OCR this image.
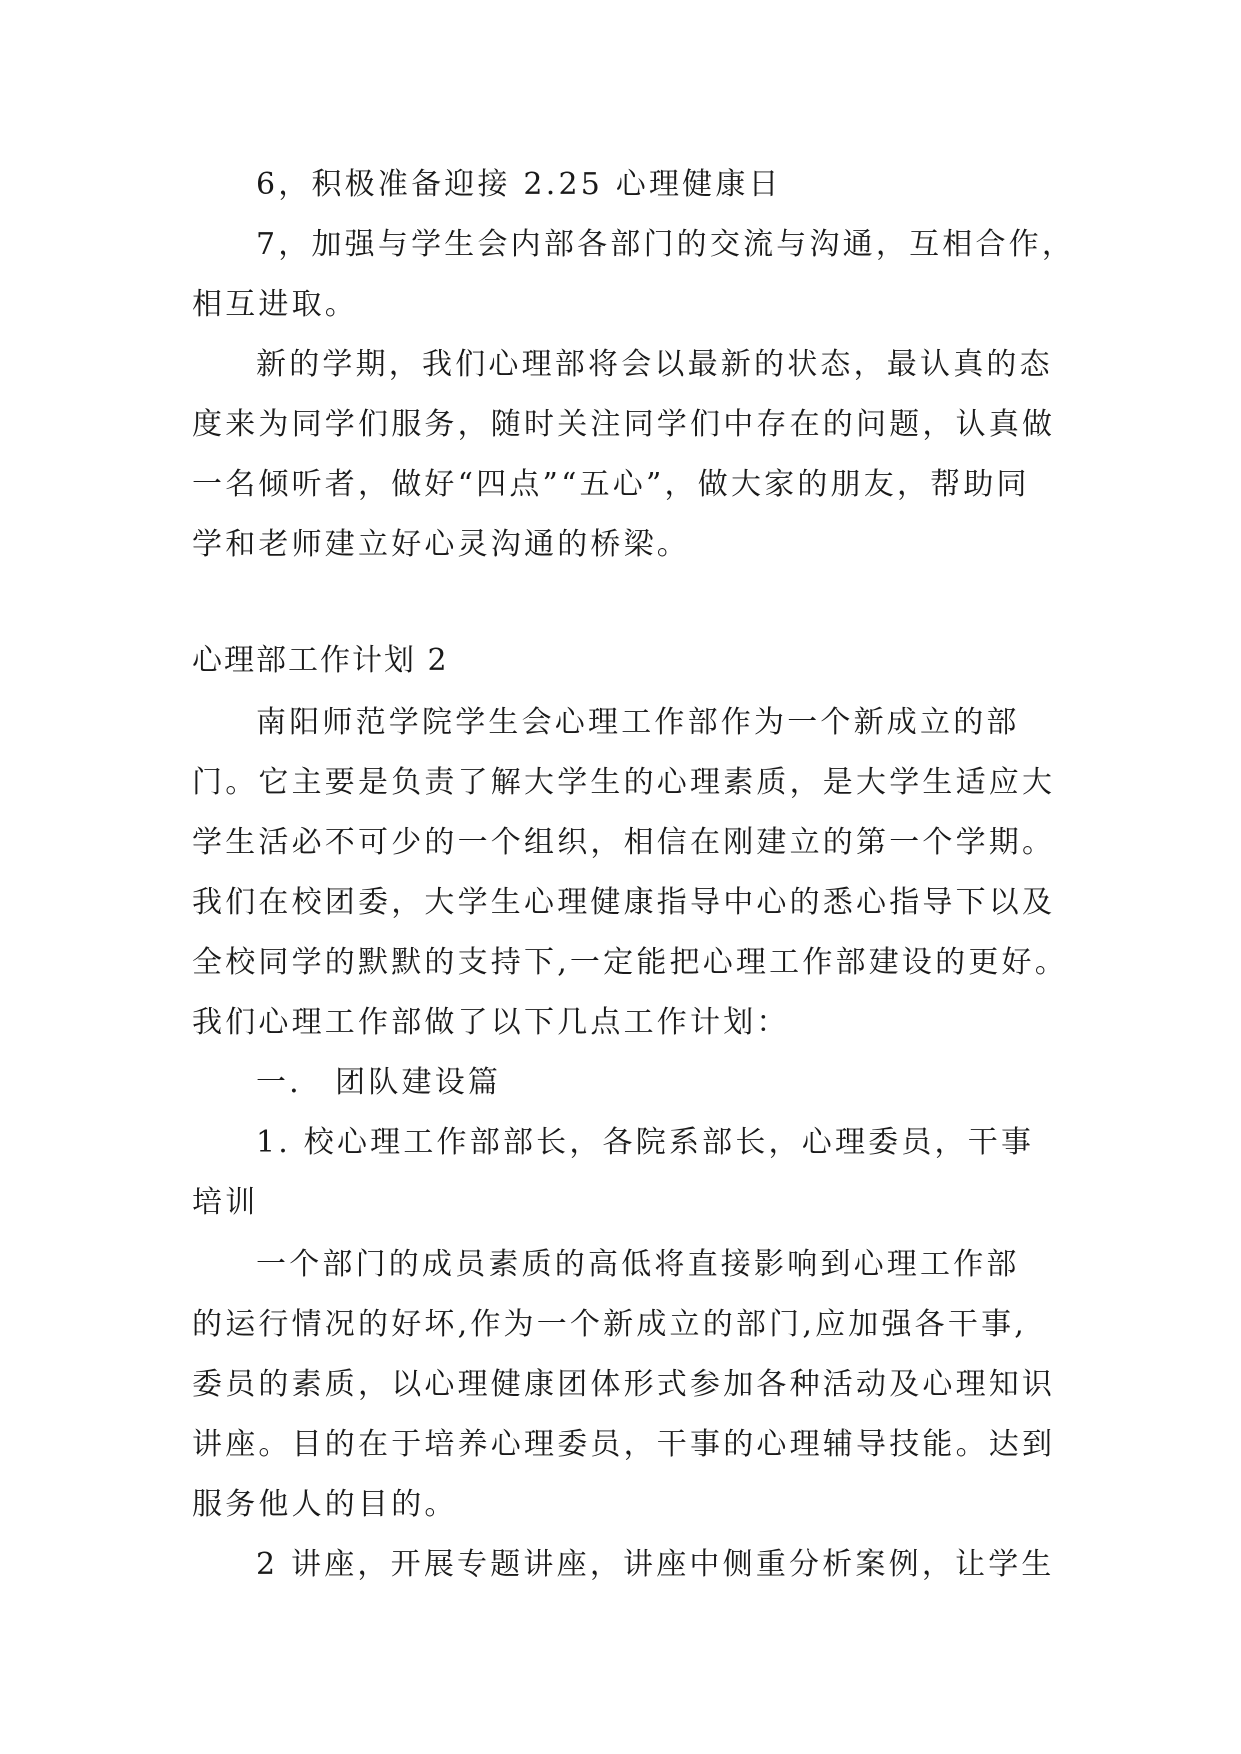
6，积极准备迎接 2.25 心理健康日
7，加强与学生会内部各部门的交流与沟通，互相合作，
相互进取。
新的学期，我们心理部将会以最新的状态，最认真的态
度来为同学们服务，随时关注同学们中存在的问题，认真做
一名倾听者，做好“四点”“五心”，做大家的朋友，帮助同
学和老师建立好心灵沟通的桥梁。
心理部工作计划 2
南阳师范学院学生会心理工作部作为一个新成立的部
门。它主要是负责了解大学生的心理素质，是大学生适应大
学生活必不可少的一个组织，相信在刚建立的第一个学期。
我们在校团委，大学生心理健康指导中心的悉心指导下以及
全校同学的默默的支持下,一定能把心理工作部建设的更好。
我们心理工作部做了以下几点工作计划：
一． 团队建设篇
1. 校心理工作部部长，各院系部长，心理委员，干事
培训
一个部门的成员素质的高低将直接影响到心理工作部
的运行情况的好坏,作为一个新成立的部门,应加强各干事,
委员的素质，以心理健康团体形式参加各种活动及心理知识
讲座。目的在于培养心理委员，干事的心理辅导技能。达到
服务他人的目的。
2 讲座，开展专题讲座，讲座中侧重分析案例，让学生
